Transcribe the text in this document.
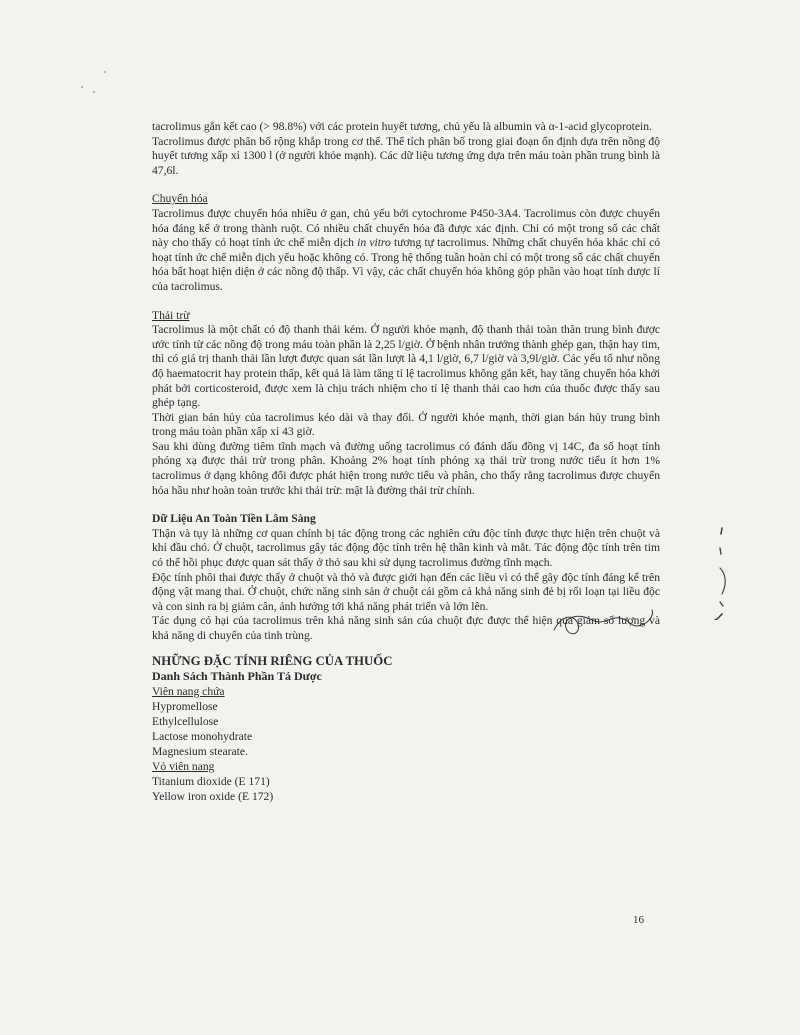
tacrolimus gắn kết cao (> 98.8%) với các protein huyết tương, chủ yếu là albumin và α-1-acid glycoprotein.

Tacrolimus được phân bố rộng khắp trong cơ thể. Thể tích phân bố trong giai đoạn ổn định dựa trên nồng độ huyết tương xấp xỉ 1300 l (ở người khỏe mạnh). Các dữ liệu tương ứng dựa trên máu toàn phần trung bình là 47,6l.

Chuyển hóa

Tacrolimus được chuyển hóa nhiều ở gan, chủ yếu bởi cytochrome P450-3A4. Tacrolimus còn được chuyển hóa đáng kể ở trong thành ruột. Có nhiều chất chuyển hóa đã được xác định. Chỉ có một trong số các chất này cho thấy có hoạt tính ức chế miễn dịch in vitro tương tự tacrolimus. Những chất chuyển hóa khác chỉ có hoạt tính ức chế miễn dịch yếu hoặc không có. Trong hệ thống tuần hoàn chỉ có một trong số các chất chuyển hóa bất hoạt hiện diện ở các nồng độ thấp. Vì vậy, các chất chuyển hóa không góp phần vào hoạt tính dược lí của tacrolimus.

Thải trừ

Tacrolimus là một chất có độ thanh thải kém. Ở người khỏe mạnh, độ thanh thải toàn thân trung bình được ước tính từ các nồng độ trong máu toàn phần là 2,25 l/giờ. Ở bệnh nhân trưởng thành ghép gan, thận hay tim, thì có giá trị thanh thải lần lượt được quan sát lần lượt là 4,1 l/giờ, 6,7 l/giờ và 3,9l/giờ. Các yếu tố như nồng độ haematocrit hay protein thấp, kết quả là làm tăng tỉ lệ tacrolimus không gắn kết, hay tăng chuyển hóa khởi phát bởi corticosteroid, được xem là chịu trách nhiệm cho tỉ lệ thanh thải cao hơn của thuốc được thấy sau ghép tạng.

Thời gian bán hủy của tacrolimus kéo dài và thay đổi. Ở người khỏe mạnh, thời gian bán hủy trung bình trong máu toàn phần xấp xỉ 43 giờ.

Sau khi dùng đường tiêm tĩnh mạch và đường uống tacrolimus có đánh dấu đồng vị 14C, đa số hoạt tính phóng xạ được thải trừ trong phân. Khoảng 2% hoạt tính phóng xạ thải trừ trong nước tiểu ít hơn 1% tacrolimus ở dạng không đổi được phát hiện trong nước tiểu và phân, cho thấy rằng tacrolimus được chuyển hóa hầu như hoàn toàn trước khi thải trừ: mật là đường thải trừ chính.

Dữ Liệu An Toàn Tiền Lâm Sàng

Thận và tụy là những cơ quan chính bị tác động trong các nghiên cứu độc tính được thực hiện trên chuột và khỉ đầu chó. Ở chuột, tacrolimus gây tác động độc tính trên hệ thần kinh và mắt. Tác động độc tính trên tim có thể hồi phục được quan sát thấy ở thỏ sau khi sử dụng tacrolimus đường tĩnh mạch.

Độc tính phôi thai được thấy ở chuột và thỏ và được giới hạn đến các liều vì có thể gây độc tính đáng kể trên động vật mang thai. Ở chuột, chức năng sinh sản ở chuột cái gồm cả khả năng sinh đẻ bị rối loạn tại liều độc và con sinh ra bị giảm cân, ảnh hưởng tới khả năng phát triển và lớn lên.

Tác dụng có hại của tacrolimus trên khả năng sinh sản của chuột đực được thể hiện qua giảm số lượng và khả năng di chuyển của tinh trùng.

NHỮNG ĐẶC TÍNH RIÊNG CỦA THUỐC

Danh Sách Thành Phần Tá Dược

Viên nang chứa

Hypromellose

Ethylcellulose

Lactose monohydrate

Magnesium stearate.

Vỏ viên nang

Titanium dioxide (E 171)

Yellow iron oxide (E 172)

16
